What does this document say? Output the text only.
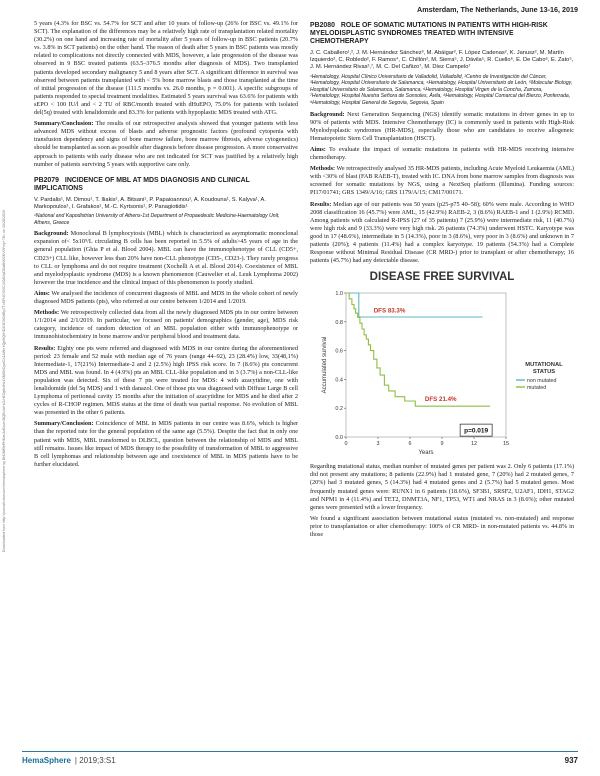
Amsterdam, The Netherlands, June 13-16, 2019
Downloaded from http://journals.lww.com/hemasphere by BhDMf5ePHKav1zEoum1tQfN4a+kJLhEZgbsIHo4XMi0hCywCX1AWnYQp/IlQrHD3i3D0OdRyi7TvSFl4Cf3VC4/OAVpDDa8KKGKV0Ymy+78= on 10/28/2019

5 years (4.3% for BSC vs. 54.7% for SCT and after 10 years of follow-up (26% for BSC vs. 49.1% for SCT). The explanation of the differences may be a relatively high rate of transplantation related mortality (30.2%) on one hand and increasing rate of mortality after 5 years of follow-up in BSC patients (20.7% vs. 3.8% in SCT patients) on the other hand. The reason of death after 5 years in BSC patients was mostly related to complications not directly connected with MDS, however, a late progression of the disease was observed in 9 BSC treated patients (63.5–376.5 months after diagnosis of MDS). Two transplanted patients developed secondary malignancy 5 and 8 years after SCT. A significant difference in survival was observed between patients transplanted with < 5% bone marrow blasts and those transplanted at the time of initial progression of the disease (111.5 months vs. 26.0 months, p = 0.001). A specific subgroups of patients responded to special treatment modalities. Estimated 5 years survival was 63.6% for patients with sEPO < 100 IU/l and < 2 TU of RBC/month treated with dHuEPO, 75.0% for patients with isolated del(5q) treated with lenalidomide and 83.3% for patients with hypoplastic MDS treated with ATG.

Summary/Conclusion: The results of our retrospective analysis showed that younger patients with less advanced MDS without excess of blasts and adverse prognostic factors (profound cytopenia with transfusion dependency and signs of bone marrow failure, bone marrow fibrosis, adverse cytogenetics) should be transplanted as soon as possible after diagnosis before disease progression. A more conservative approach to patients with early disease who are not indicated for SCT was justified by a relatively high number of patients surviving 5 years with supportive care only.

PB2079 INCIDENCE OF MBL AT MDS DIAGNOSIS AND CLINICAL IMPLICATIONS
V. Pardalis¹, M. Dimou¹, T. Iliakis¹, A. Bitsani¹, P. Papaioannou¹, A. Koudouna¹, S. Kalyva¹, A. Markopoulos¹, I. Grafakos¹, M.-C. Kyrtsonis¹, P. Panagiotidis¹
¹National and Kapodistrian University of Athens-1st Department of Propaedeutic Medicine-Haematology Unit, Athens, Greece

Background: Monoclonal B lymphocytosis (MBL) which is characterized as asymptomatic monoclonal expansion of< 5x10⁹/L circulating B cells has been reported in 5.5% of adults>45 years of age in the general population (Ghia P et al. Blood 2004). MBL can have the immunophenotype of CLL (CD5+, CD23+) CLL like, however less than 20% have non-CLL phenotype (CD5-, CD23-). They rarely progress to CLL or lymphoma and do not require treatment (Xochelli A et al. Blood 2014). Coexistence of MBL and myelodysplastic syndrome (MDS) is a known phenomenon (Cauwelier et al. Leuk Lymphoma 2002) however the true incidence and the clinical impact of this phenomenon is poorly studied.

Aims: We analysed the incidence of concurrent diagnosis of MBL and MDS in the whole cohort of newly diagnosed MDS patients (pts), who referred at our centre between 1/2014 and 1/2019.

Methods: We retrospectively collected data from all the newly diagnosed MDS pts in our centre between 1/1/2014 and 2/1/2019. In particular, we focused on patients' demographics (gender, age), MDS risk category, incidence of random detection of an MBL population either with immunophenotype or immunohistochemistry in bone marrow and/or peripheral blood and treatment data.

Results: Eighty one pts were referred and diagnosed with MDS in our centre during the aforementioned period: 23 female and 52 male with median age of 76 years (range 44–92), 23 (28.4%) low, 33(48,1%) Intermediate-1, 17(21%) Intermediate-2 and 2 (2.5%) high IPSS risk score. In 7 (8.6%) pts concurrent MDS and MBL was found. In 4 (4.9%) pts an MBL CLL-like population and in 3 (3.7%) a non-CLL-like population was detected. Six of these 7 pts were treated for MDS: 4 with azacytidine, one with lenalidomide (del 5q MDS) and 1 with danazol. One of those pts was diagnosed with Diffuse Large B cell Lymphoma of peritoneal cavity 15 months after the initiation of azacytidine for MDS and he died after 2 cycles of R-CHOP regimen. MDS status at the time of death was partial response. No evolution of MBL was presented in the other 6 patients.

Summary/Conclusion: Coincidence of MBL in MDS patients in our centre was 8.6%, which is higher than the reported rate for the general population of the same age (5.5%). Despite the fact that in only one patient with MDS, MBL transformed to DLBCL, question between the relationship of MDS and MBL still remains. Issues like impact of MDS therapy to the possibility of transformation of MBL to aggressive B cell lymphomas and relationship between age and coexistence of MBL in MDS patients have to be further elucidated.

PB2080 ROLE OF SOMATIC MUTATIONS IN PATIENTS WITH HIGH-RISK MYELODISPLASTIC SYNDROMES TREATED WITH INTENSIVE CHEMOTHERAPY
J. C. Caballero¹,², J. M. Hernández Sánchez³, M. Abáigar², F. López Cadenas², K. Janusz², M. Martín Izquierdo², C. Robledo², F. Ramos⁴, C. Chillón², M. Sierra⁵, J. Dávila⁵, R. Cuello⁶, E. De Cabo⁶, E. Zato⁵, J. M. Hernández Rivas²,⁷, M. C. Del Cañizo⁷, M. Díez Campelo⁷
¹Hematology, Hospital Clínico Universitario de Valladolid, Valladolid, ²Centro de Investigación del Cáncer, ³Hematology, Hospital Universitario de Salamanca, ⁴Hematology, Hospital Universitario de León, ⁵Molecular Biology, Hospital Universitario de Salamanca, Salamanca, ⁶Hematology, Hospital Virgen de la Concha, Zamora, ⁷Hematology, Hospital Nuestra Señora de Sonsoles, Ávila, ⁸Hematology, Hospital Comarcal del Bierzo, Ponferrada, ⁹Hematology, Hospital General de Segovia, Segovia, Spain

Background: Next Generation Sequencing (NGS) identify somatic mutations in driver genes in up to 90% of patients with MDS. Intensive Chemotherapy (IC) is commonly used in patients with High-Risk Myelodysplastic syndromes (HR-MDS), especially those who are candidates to receive allogeneic Hematopoietic Stem Cell Transplantation (HSCT).

Aims: To evaluate the impact of somatic mutations in patients with HR-MDS receiving intensive chemotherapy.

Methods: We retrospectively analysed 35 HR-MDS patients, including Acute Myeloid Leukaemia (AML) with <30% of blast (FAB RAEB-T), treated with IC. DNA from bone marrow samples from diagnosis was screened for somatic mutations by NGS, using a NextSeq platform (Illumina). Funding sources: PI17/01741; GRS 1349/A/16; GRS 1179/A/15; CM17/00171.

Results: Median age of our patients was 50 years (p25-p75 40–58); 60% were male. According to WHO 2008 classification 16 (45.7%) were AML, 15 (42.9%) RAEB-2, 3 (8.6%) RAEB-1 and 1 (2.9%) RCMD. Among patients with calculated R-IPSS (27 of 35 patients) 7 (25.9%) were intermediate risk, 11 (40.7%) were high risk and 9 (33.3%) were very high risk. 26 patients (74.3%) underwent HSTC. Karyotype was good in 17 (48.6%), intermediate in 5 (14.3%), poor in 3 (8.6%), very poor in 3 (8.6%) and unknown in 7 patients (20%); 4 patients (11.4%) had a complex karyotype. 19 patients (54.3%) had a Complete Response without Minimal Residual Disease (CR MRD-) prior to transplant or after chemotherapy; 16 patients (45.7%) had any detectable disease.

DISEASE FREE SURVIVAL
0.0
0.2
0.4
0.6
0.8
1.0
0	3	6	9	12	15
Years
Accumulated survival
DFS 83.3%
DFS 21.4%
p=0.019
MUTATIONAL
STATUS
non mutated
mutated

Regarding mutational status, median number of mutated genes per patient was 2. Only 6 patients (17.1%) did not present any mutations; 8 patients (22.9%) had 1 mutated gene, 7 (20%) had 2 mutated genes, 7 (20%) had 3 mutated genes, 5 (14.3%) had 4 mutated genes and 2 (5.7%) had 5 mutated genes. Most frequently mutated genes were: RUNX1 in 6 patients (18.6%), SF3B1, SRSF2, U2AF1, IDH1, STAG2 and NPM1 in 4 (11.4%) and TET2, DNMT3A, NF1, TP53, WT1 and NRAS in 3 (8.6%); other mutated genes were presented with a lower frequency.

We found a significant association between mutational status (mutated vs. non-mutated) and response prior to transplantation or after chemotherapy: 100% of CR MRD- in non-mutated patients vs. 44.8% in those

HemaSphere | 2019;3:S1	937
